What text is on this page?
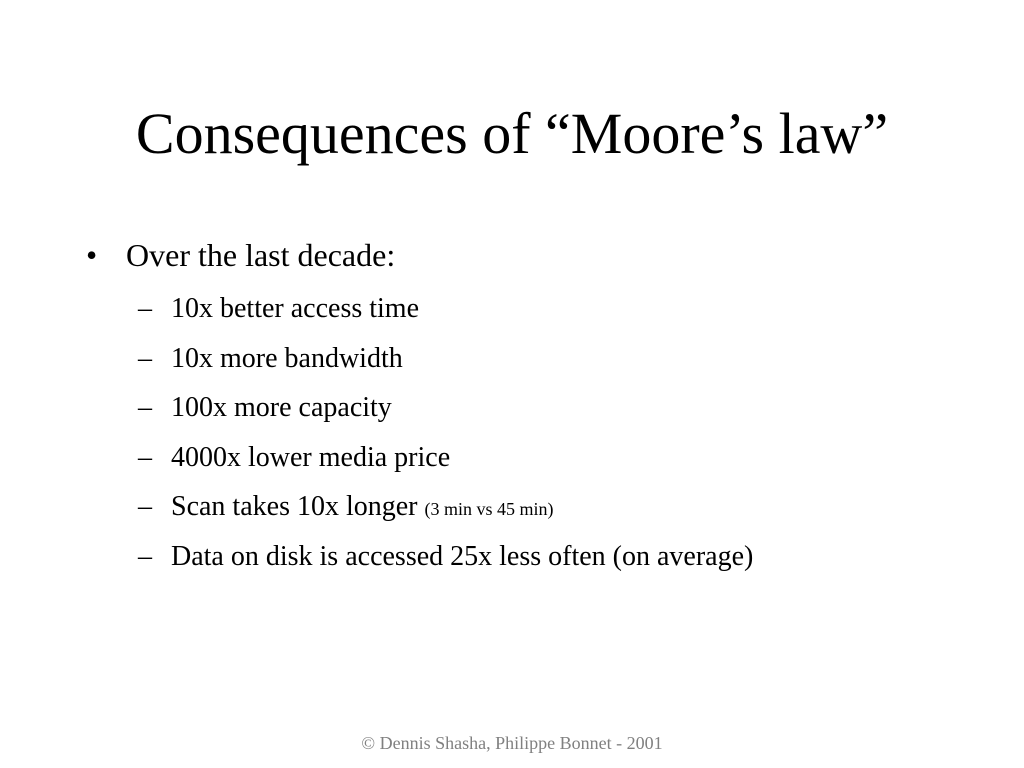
Consequences of “Moore’s law”
• Over the last decade:
– 10x better access time
– 10x more bandwidth
– 100x more capacity
– 4000x lower media price
– Scan takes 10x longer (3 min vs 45 min)
– Data on disk is accessed 25x less often (on average)
© Dennis Shasha, Philippe Bonnet - 2001
